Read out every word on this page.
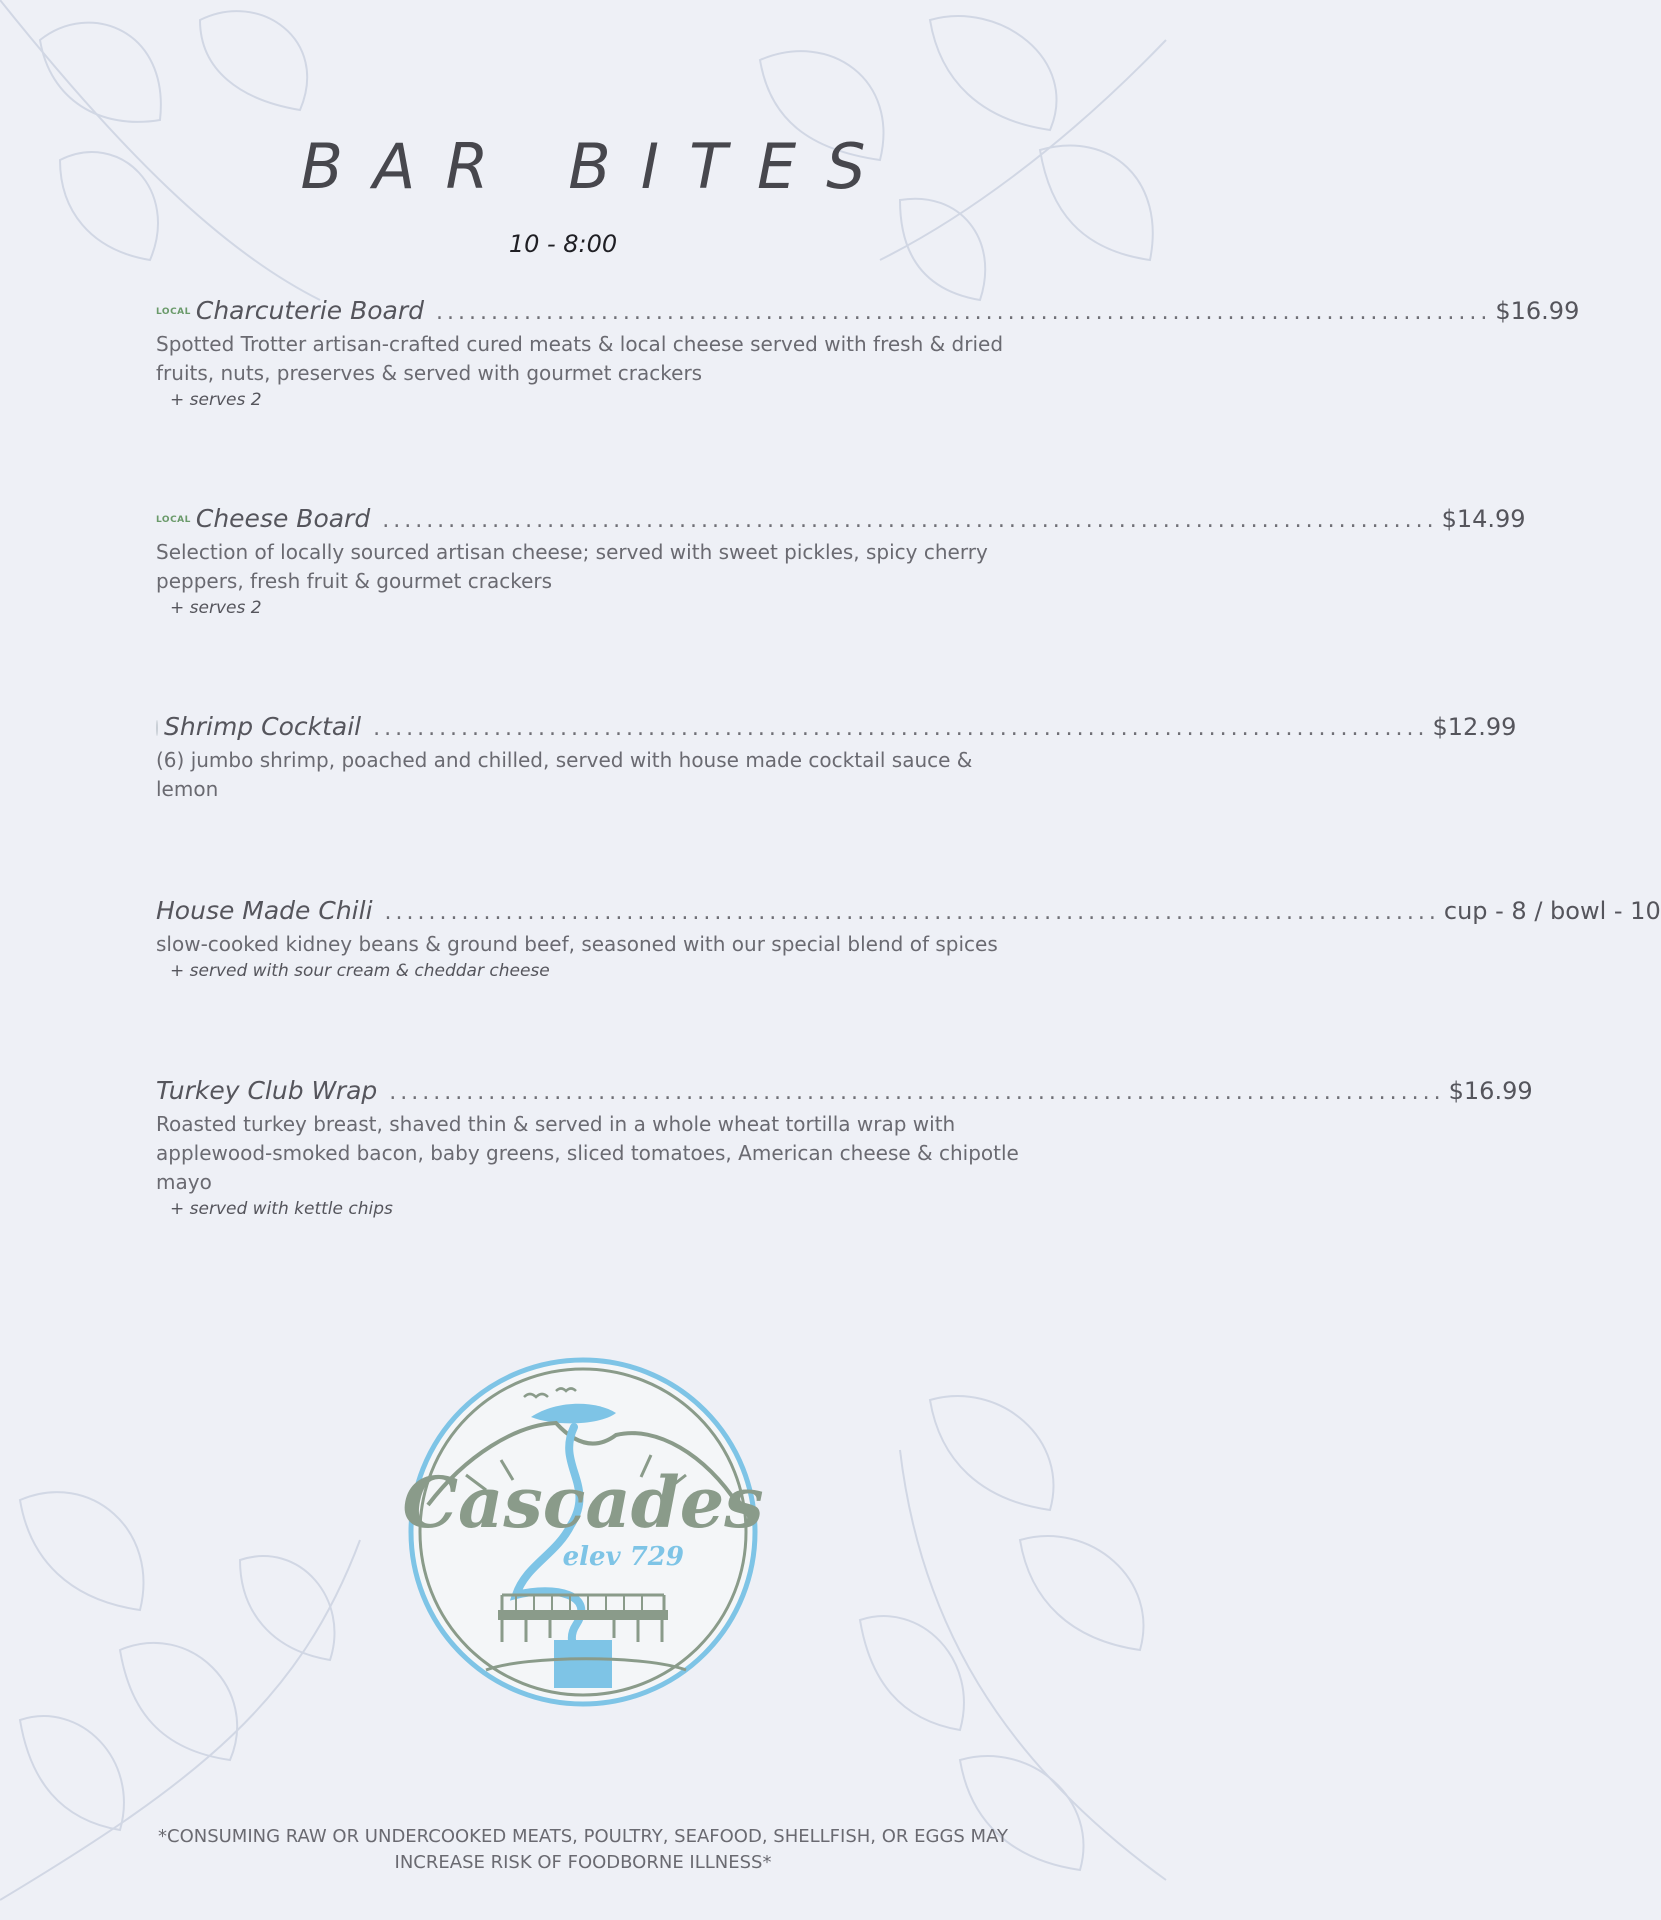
BAR BITES
10 - 8:00
LOCAL Charcuterie Board ................................................................................................ $16.99
Spotted Trotter artisan-crafted cured meats & local cheese served with fresh & dried fruits, nuts, preserves & served with gourmet crackers
+ serves 2
LOCAL Cheese Board ................................................................................................ $14.99
Selection of locally sourced artisan cheese; served with sweet pickles, spicy cherry peppers, fresh fruit & gourmet crackers
+ serves 2
Shrimp Cocktail ................................................................................................ $12.99
(6) jumbo shrimp, poached and chilled, served with house made cocktail sauce & lemon
House Made Chili ................................................................................................ cup - 8 / bowl - 10
slow-cooked kidney beans & ground beef, seasoned with our special blend of spices
+ served with sour cream & cheddar cheese
Turkey Club Wrap ................................................................................................ $16.99
Roasted turkey breast, shaved thin & served in a whole wheat tortilla wrap with applewood-smoked bacon, baby greens, sliced tomatoes, American cheese & chipotle mayo
+ served with kettle chips
Cascades
elev 729
*CONSUMING RAW OR UNDERCOOKED MEATS, POULTRY, SEAFOOD, SHELLFISH, OR EGGS MAY INCREASE RISK OF FOODBORNE ILLNESS*
